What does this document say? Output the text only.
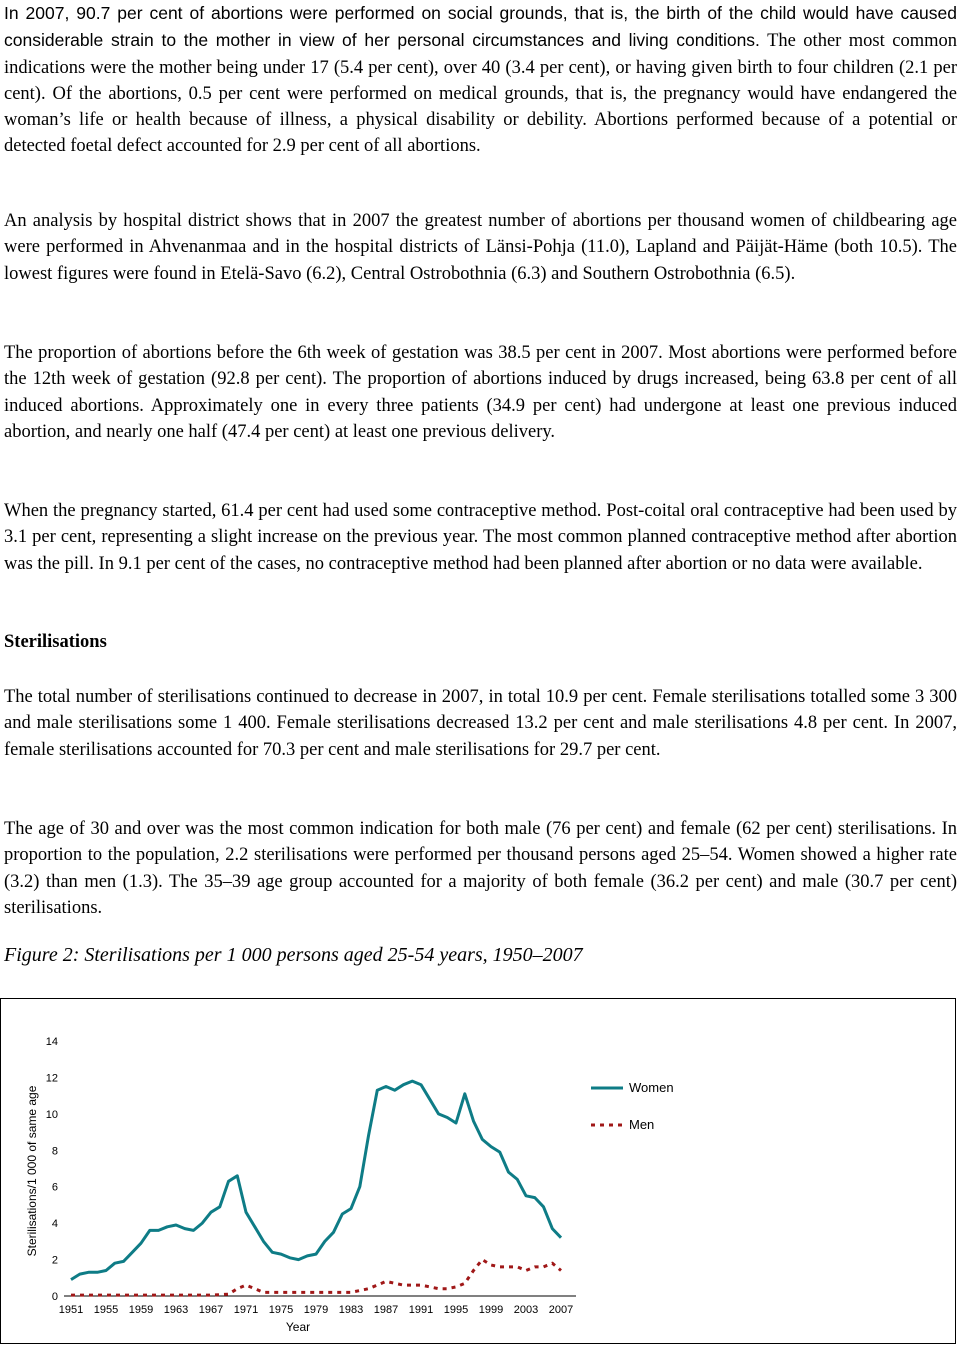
In 2007, 90.7 per cent of abortions were performed on social grounds, that is, the birth of the child would have caused considerable strain to the mother in view of her personal circumstances and living conditions. The other most common indications were the mother being under 17 (5.4 per cent), over 40 (3.4 per cent), or having given birth to four children (2.1 per cent). Of the abortions, 0.5 per cent were performed on medical grounds, that is, the pregnancy would have endangered the woman’s life or health because of illness, a physical disability or debility. Abortions performed because of a potential or detected foetal defect accounted for 2.9 per cent of all abortions.

An analysis by hospital district shows that in 2007 the greatest number of abortions per thousand women of childbearing age were performed in Ahvenanmaa and in the hospital districts of Länsi-Pohja (11.0), Lapland and Päijät-Häme (both 10.5). The lowest figures were found in Etelä-Savo (6.2), Central Ostrobothnia (6.3) and Southern Ostrobothnia (6.5).

The proportion of abortions before the 6th week of gestation was 38.5 per cent in 2007. Most abortions were performed before the 12th week of gestation (92.8 per cent). The proportion of abortions induced by drugs increased, being 63.8 per cent of all induced abortions. Approximately one in every three patients (34.9 per cent) had undergone at least one previous induced abortion, and nearly one half (47.4 per cent) at least one previous delivery.

When the pregnancy started, 61.4 per cent had used some contraceptive method. Post-coital oral contraceptive had been used by 3.1 per cent, representing a slight increase on the previous year. The most common planned contraceptive method after abortion was the pill. In 9.1 per cent of the cases, no contraceptive method had been planned after abortion or no data were available.

Sterilisations

The total number of sterilisations continued to decrease in 2007, in total 10.9 per cent. Female sterilisations totalled some 3 300 and male sterilisations some 1 400. Female sterilisations decreased 13.2 per cent and male sterilisations 4.8 per cent. In 2007, female sterilisations accounted for 70.3 per cent and male sterilisations for 29.7 per cent.

The age of 30 and over was the most common indication for both male (76 per cent) and female (62 per cent) sterilisations. In proportion to the population, 2.2 sterilisations were performed per thousand persons aged 25–54. Women showed a higher rate (3.2) than men (1.3). The 35–39 age group accounted for a majority of both female (36.2 per cent) and male (30.7 per cent) sterilisations.

Figure 2: Sterilisations per 1 000 persons aged 25-54 years, 1950–2007

Sterilisations/1 000 of same age
Year
0
2
4
6
8
10
12
14
1951 1955 1959 1963 1967 1971 1975 1979 1983 1987 1991 1995 1999 2003 2007
Women
Men
